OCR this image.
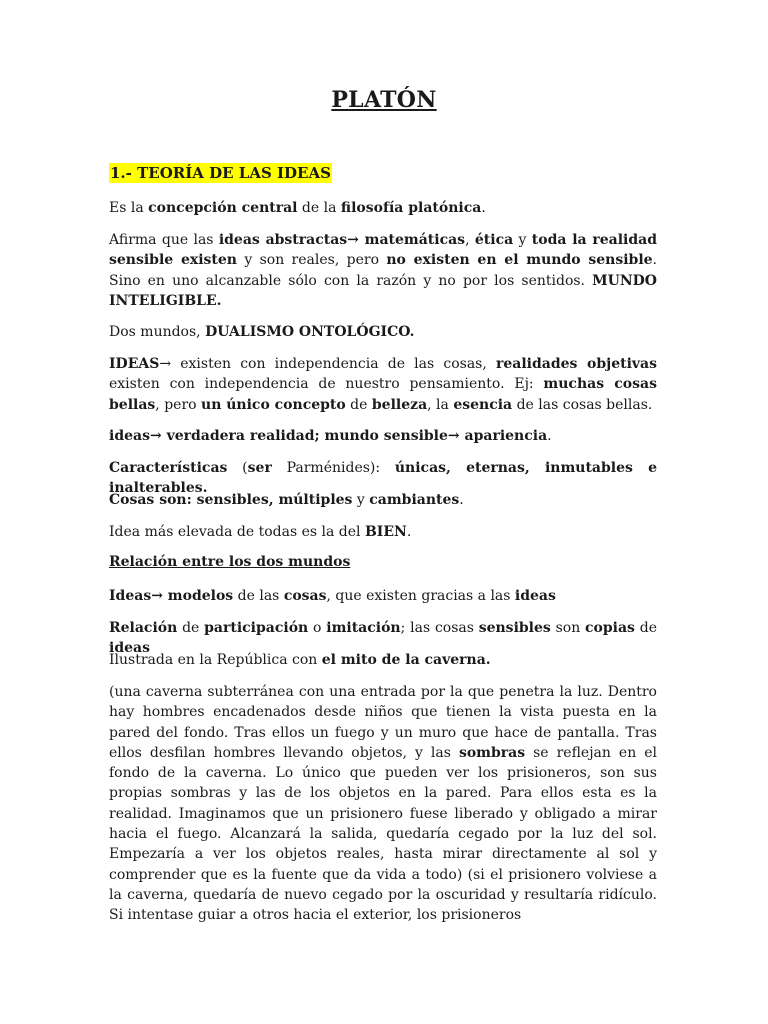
PLATÓN
1.- TEORÍA DE LAS IDEAS
Es la concepción central de la filosofía platónica.
Afirma que las ideas abstractas→ matemáticas, ética y toda la realidad sensible existen y son reales, pero no existen en el mundo sensible. Sino en uno alcanzable sólo con la razón y no por los sentidos. MUNDO INTELIGIBLE.
Dos mundos, DUALISMO ONTOLÓGICO.
IDEAS→ existen con independencia de las cosas, realidades objetivas existen con independencia de nuestro pensamiento. Ej: muchas cosas bellas, pero un único concepto de belleza, la esencia de las cosas bellas.
ideas→ verdadera realidad; mundo sensible→ apariencia.
Características (ser Parménides): únicas, eternas, inmutables e inalterables.
Cosas son: sensibles, múltiples y cambiantes.
Idea más elevada de todas es la del BIEN.
Relación entre los dos mundos
Ideas→ modelos de las cosas, que existen gracias a las ideas
Relación de participación o imitación; las cosas sensibles son copias de ideas
Ilustrada en la República con el mito de la caverna.
(una caverna subterránea con una entrada por la que penetra la luz. Dentro hay hombres encadenados desde niños que tienen la vista puesta en la pared del fondo. Tras ellos un fuego y un muro que hace de pantalla. Tras ellos desfilan hombres llevando objetos, y las sombras se reflejan en el fondo de la caverna. Lo único que pueden ver los prisioneros, son sus propias sombras y las de los objetos en la pared. Para ellos esta es la realidad. Imaginamos que un prisionero fuese liberado y obligado a mirar hacia el fuego. Alcanzará la salida, quedaría cegado por la luz del sol. Empezaría a ver los objetos reales, hasta mirar directamente al sol y comprender que es la fuente que da vida a todo) (si el prisionero volviese a la caverna, quedaría de nuevo cegado por la oscuridad y resultaría ridículo. Si intentase guiar a otros hacia el exterior, los prisioneros
